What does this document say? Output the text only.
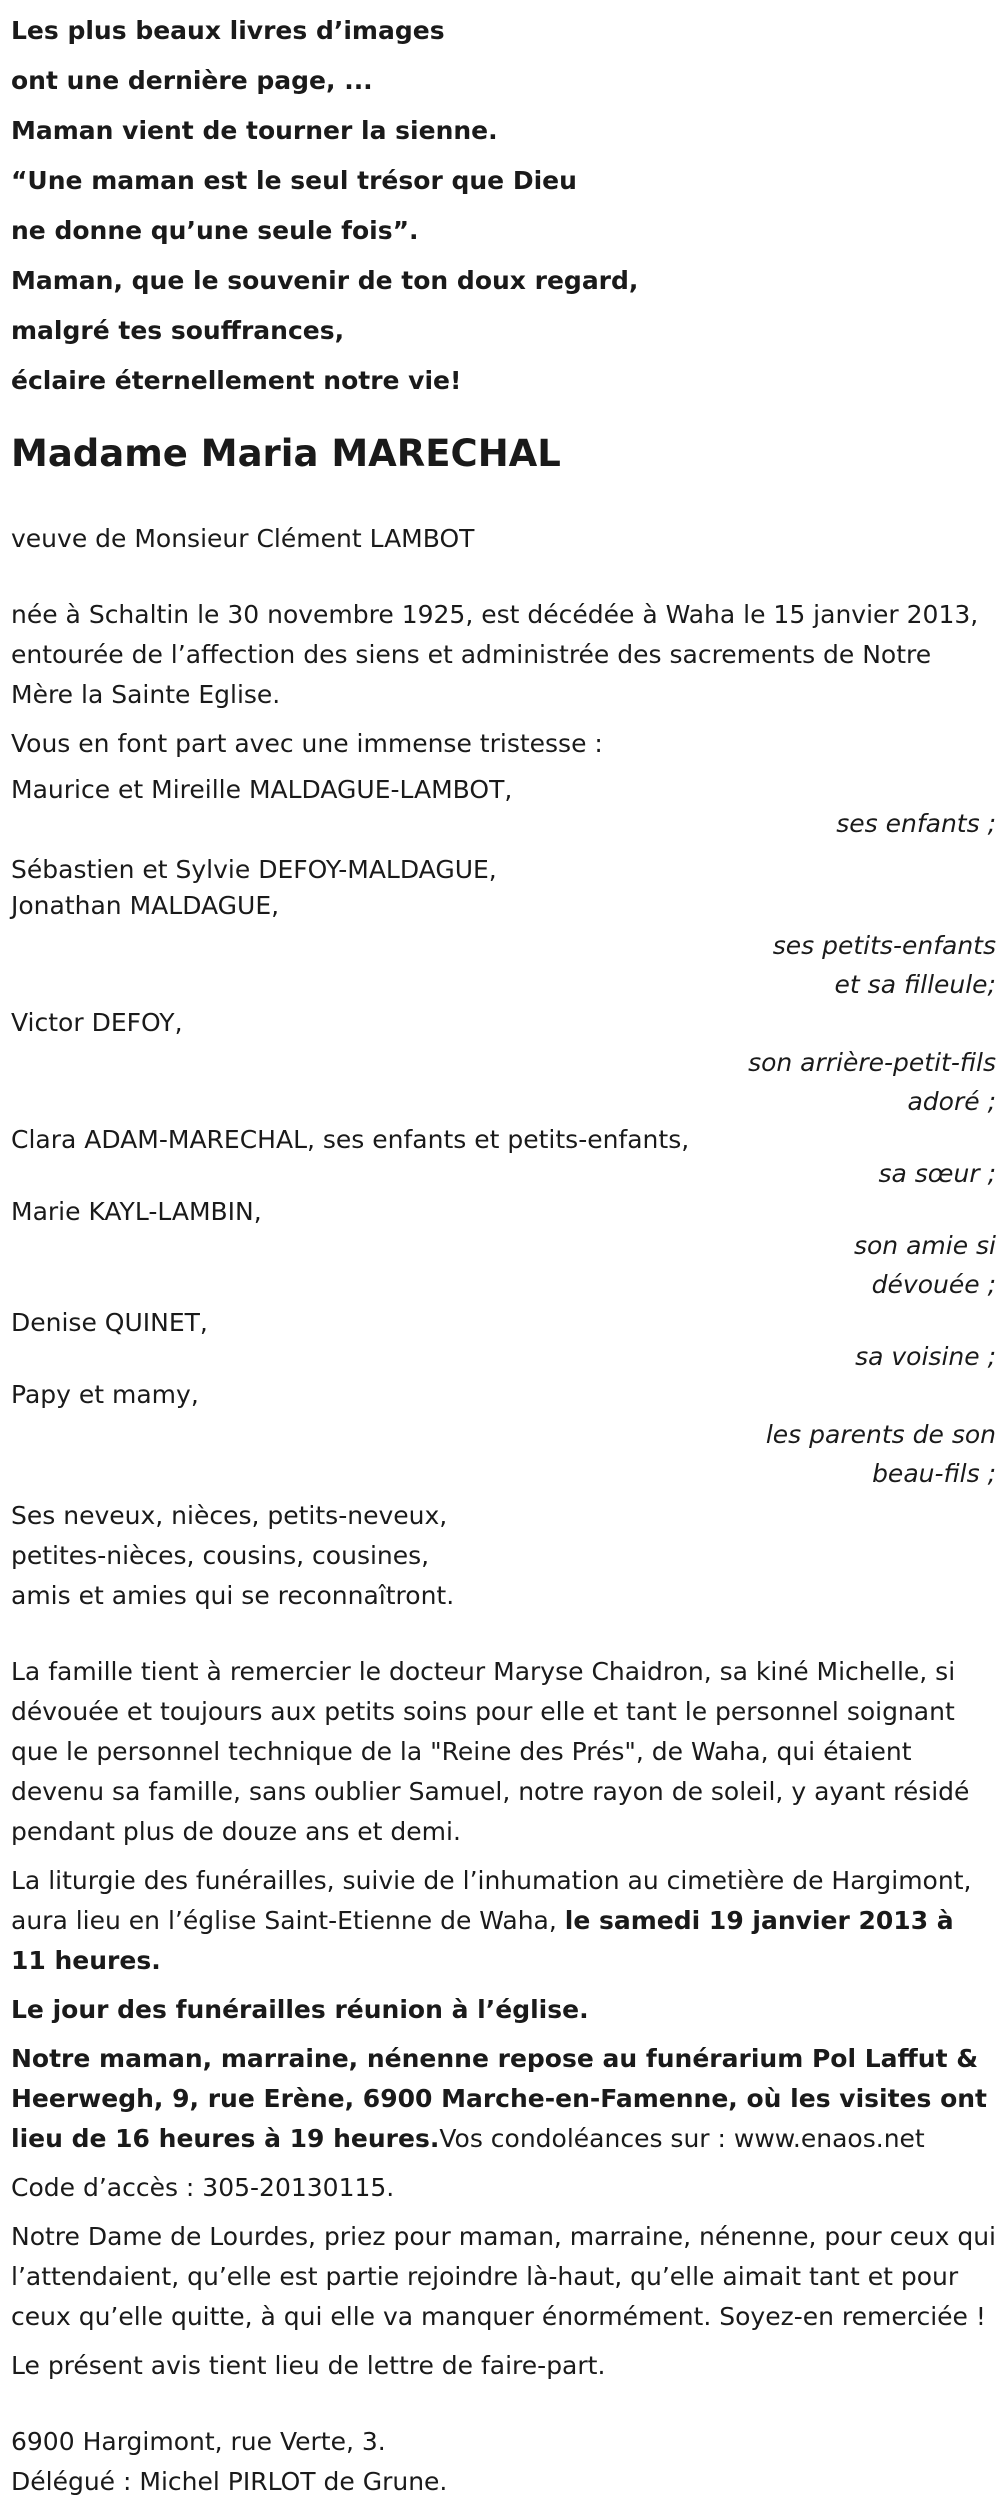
Les plus beaux livres d’images

ont une dernière page, ...

Maman vient de tourner la sienne.

“Une maman est le seul trésor que Dieu

ne donne qu’une seule fois”.

Maman, que le souvenir de ton doux regard,

malgré tes souffrances,

éclaire éternellement notre vie!

Madame Maria MARECHAL
veuve de Monsieur Clément LAMBOT
née à Schaltin le 30 novembre 1925, est décédée à Waha le 15 janvier 2013, entourée de l’affection des siens et administrée des sacrements de Notre Mère la Sainte Eglise.
Vous en font part avec une immense tristesse :
Maurice et Mireille MALDAGUE-LAMBOT,
ses enfants ;
Sébastien et Sylvie DEFOY-MALDAGUE,
Jonathan MALDAGUE,
ses petits-enfants
et sa filleule;
Victor DEFOY,
son arrière-petit-fils
adoré ;
Clara ADAM-MARECHAL, ses enfants et petits-enfants,
sa sœur ;
Marie KAYL-LAMBIN,
son amie si
dévouée ;
Denise QUINET,
sa voisine ;
Papy et mamy,
les parents de son
beau-fils ;
Ses neveux, nièces, petits-neveux,
petites-nièces, cousins, cousines,
amis et amies qui se reconnaîtront.
La famille tient à remercier le docteur Maryse Chaidron, sa kiné Michelle, si dévouée et toujours aux petits soins pour elle et tant le personnel soignant que le personnel technique de la "Reine des Prés", de Waha, qui étaient devenu sa famille, sans oublier Samuel, notre rayon de soleil, y ayant résidé pendant plus de douze ans et demi.
La liturgie des funérailles, suivie de l’inhumation au cimetière de Hargimont, aura lieu en l’église Saint-Etienne de Waha, le samedi 19 janvier 2013 à 11 heures.
Le jour des funérailles réunion à l’église.
Notre maman, marraine, nénenne repose au funérarium Pol Laffut & Heerwegh, 9, rue Erène, 6900 Marche-en-Famenne, où les visites ont lieu de 16 heures à 19 heures.Vos condoléances sur : www.enaos.net
Code d’accès : 305-20130115.
Notre Dame de Lourdes, priez pour maman, marraine, nénenne, pour ceux qui l’attendaient, qu’elle est partie rejoindre là-haut, qu’elle aimait tant et pour ceux qu’elle quitte, à qui elle va manquer énormément. Soyez-en remerciée !
Le présent avis tient lieu de lettre de faire-part.
6900 Hargimont, rue Verte, 3.
Délégué : Michel PIRLOT de Grune.
